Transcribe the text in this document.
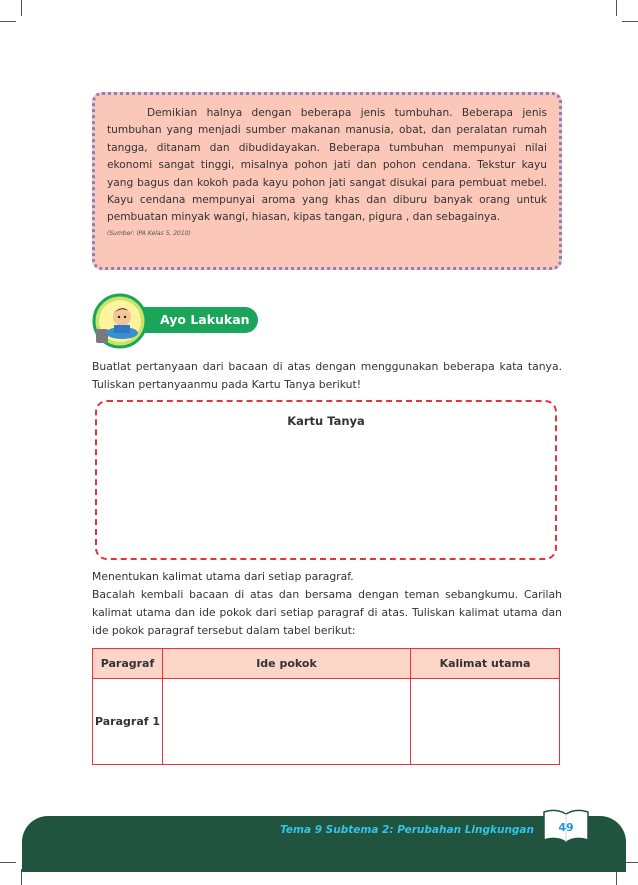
Demikian halnya dengan beberapa jenis tumbuhan. Beberapa jenis tumbuhan yang menjadi sumber makanan manusia, obat, dan peralatan rumah tangga, ditanam dan dibudidayakan. Beberapa tumbuhan mempunyai nilai ekonomi sangat tinggi, misalnya pohon jati dan pohon cendana. Tekstur kayu yang bagus dan kokoh pada kayu pohon jati sangat disukai para pembuat mebel. Kayu cendana mempunyai aroma yang khas dan diburu banyak orang untuk pembuatan minyak wangi, hiasan, kipas tangan, pigura , dan sebagainya.

(Sumber: IPA Kelas 5, 2010)
Ayo Lakukan
Buatlat pertanyaan dari bacaan di atas dengan menggunakan beberapa kata tanya. Tuliskan pertanyaanmu pada Kartu Tanya berikut!
Kartu Tanya
Menentukan kalimat utama dari setiap paragraf.
Bacalah kembali bacaan di atas dan bersama dengan teman sebangkumu. Carilah kalimat utama dan ide pokok dari setiap paragraf di atas. Tuliskan kalimat utama dan ide pokok paragraf tersebut dalam tabel berikut:
Paragraf	Ide pokok	Kalimat utama
Paragraf 1		
Tema 9 Subtema 2: Perubahan Lingkungan	49
